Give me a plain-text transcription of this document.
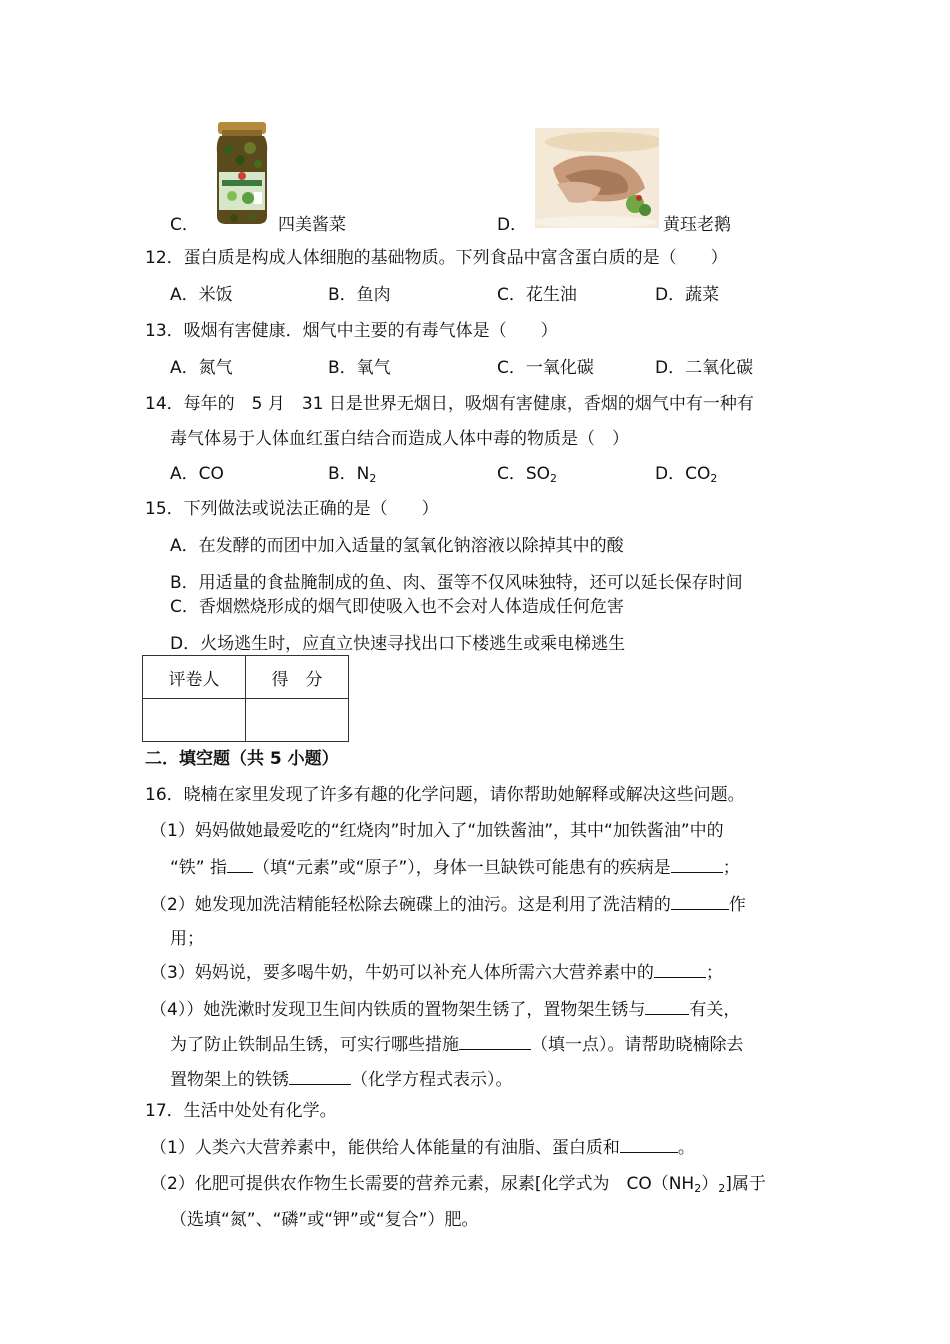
C．	四美酱菜	D．	黄珏老鹅
12．蛋白质是构成人体细胞的基础物质。下列食品中富含蛋白质的是（　　）
A．米饭	B．鱼肉	C．花生油	D．蔬菜
13．吸烟有害健康．烟气中主要的有毒气体是（　　）
A．氮气	B．氧气	C．一氧化碳	D．二氧化碳
14．每年的　5 月　31 日是世界无烟日，吸烟有害健康，香烟的烟气中有一种有
毒气体易于人体血红蛋白结合而造成人体中毒的物质是（　）
A．CO	B．$N_2$	C．$SO_2$	D．$CO_2$
15．下列做法或说法正确的是（　　）
A．在发酵的而团中加入适量的氢氧化钠溶液以除掉其中的酸
B．用适量的食盐腌制成的鱼、肉、蛋等不仅风味独特，还可以延长保存时间
C．香烟燃烧形成的烟气即使吸入也不会对人体造成任何危害
D．火场逃生时，应直立快速寻找出口下楼逃生或乘电梯逃生
评卷人	得　分

二．填空题（共 5 小题）
16．晓楠在家里发现了许多有趣的化学问题，请你帮助她解释或解决这些问题。
（1）妈妈做她最爱吃的“红烧肉”时加入了“加铁酱油”，其中“加铁酱油”中的
“铁” 指 （填“元素”或“原子”），身体一旦缺铁可能患有的疾病是	；
（2）她发现加洗洁精能轻松除去碗碟上的油污。这是利用了洗洁精的	作
用；
（3）妈妈说，要多喝牛奶，牛奶可以补充人体所需六大营养素中的	；
（4））她洗漱时发现卫生间内铁质的置物架生锈了，置物架生锈与	有关，
为了防止铁制品生锈，可实行哪些措施	（填一点）。请帮助晓楠除去
置物架上的铁锈	（化学方程式表示）。
17．生活中处处有化学。
（1）人类六大营养素中，能供给人体能量的有油脂、蛋白质和	。
（2）化肥可提供农作物生长需要的营养元素，尿素[化学式为　$CO(NH_2)_2$]属于
（选填“氮”、“磷”或“钾”或“复合”）肥。
